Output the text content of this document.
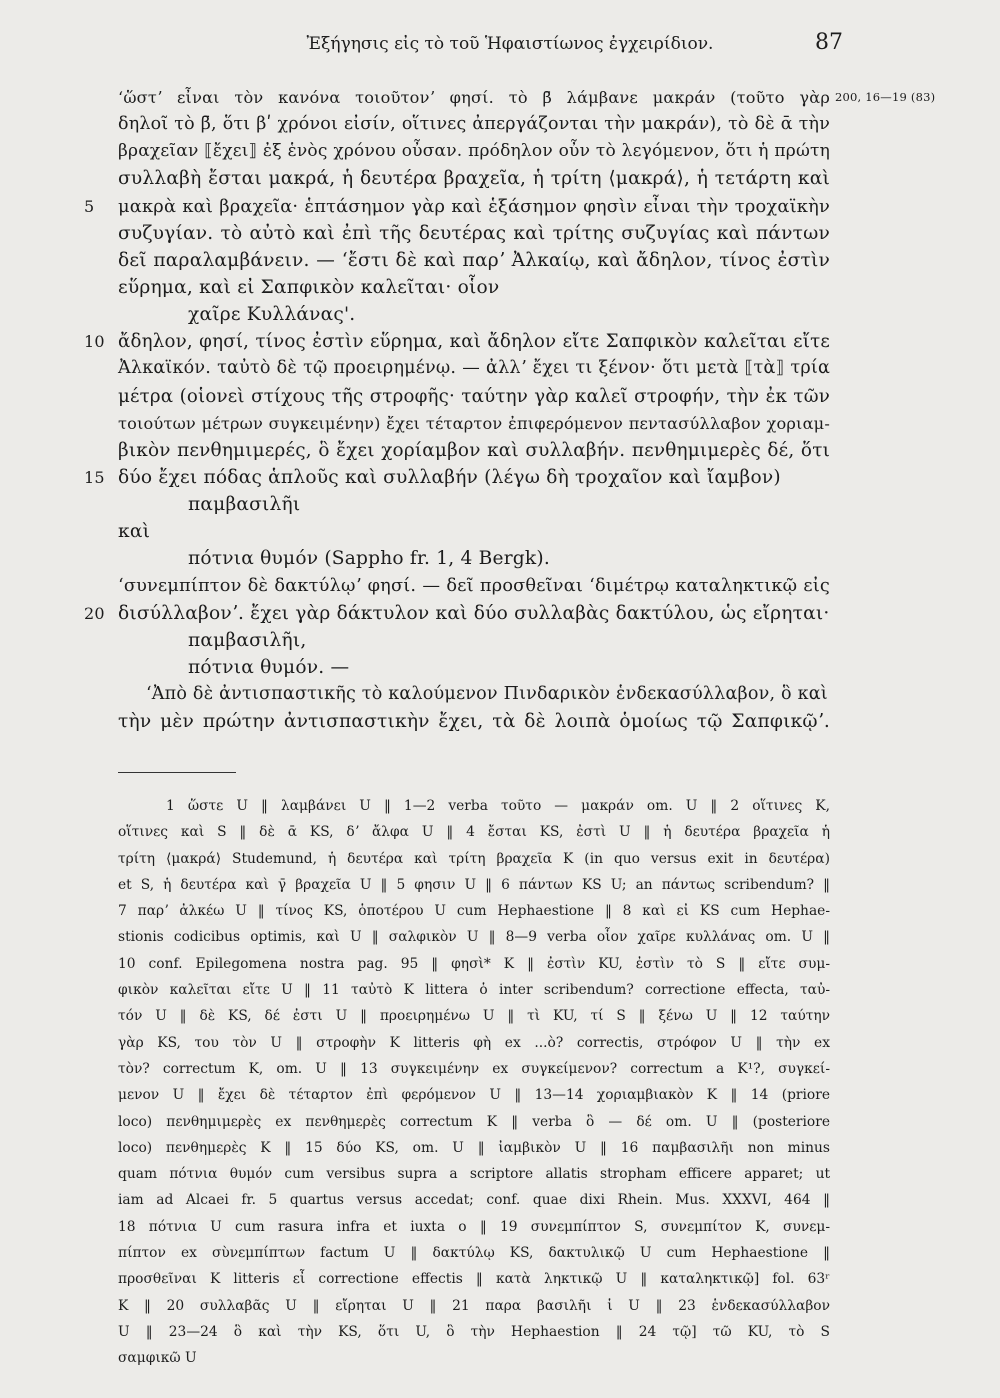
Ἐξήγησις εἰς τὸ τοῦ Ἡφαιστίωνος ἐγχειρίδιον.	87
ʻὥστʼ εἶναι τὸν κανόνα τοιοῦτονʼ φησί. τὸ β̄ λάμβανε μακράν (τοῦτο γὰρ 200, 16—19 (83)
δηλοῖ τὸ β̄, ὅτι βʹ χρόνοι εἰσίν, οἵτινες ἀπεργάζονται τὴν μακράν), τὸ δὲ ᾱ τὴν
βραχεῖαν ⟦ἔχει⟧ ἐξ ἑνὸς χρόνου οὖσαν. πρόδηλον οὖν τὸ λεγόμενον, ὅτι ἡ πρώτη
συλλαβὴ ἔσται μακρά, ἡ δευτέρα βραχεῖα, ἡ τρίτη ⟨μακρά⟩, ἡ τετάρτη καὶ
5	μακρὰ καὶ βραχεῖα· ἑπτάσημον γὰρ καὶ ἑξάσημον φησὶν εἶναι τὴν τροχαϊκὴν
συζυγίαν. τὸ αὐτὸ καὶ ἐπὶ τῆς δευτέρας καὶ τρίτης συζυγίας καὶ πάντων
δεῖ παραλαμβάνειν. — ʻἔστι δὲ καὶ παρʼ Ἀλκαίῳ, καὶ ἄδηλον, τίνος ἐστὶν
εὕρημα, καὶ εἰ Σαπφικὸν καλεῖται· οἷον
χαῖρε Κυλλάνας'.
10 ἄδηλον, φησί, τίνος ἐστὶν εὕρημα, καὶ ἄδηλον εἴτε Σαπφικὸν καλεῖται εἴτε
Ἀλκαϊκόν. ταὐτὸ δὲ τῷ προειρημένῳ. — ἀλλʼ ἔχει τι ξένον· ὅτι μετὰ ⟦τὰ⟧ τρία
μέτρα (οἱονεὶ στίχους τῆς στροφῆς· ταύτην γὰρ καλεῖ στροφήν, τὴν ἐκ τῶν
τοιούτων μέτρων συγκειμένην) ἔχει τέταρτον ἐπιφερόμενον πεντασύλλαβον χοριαμ-
βικὸν πενθημιμερές, ὃ ἔχει χορίαμβον καὶ συλλαβήν. πενθημιμερὲς δέ, ὅτι
15 δύο ἔχει πόδας ἁπλοῦς καὶ συλλαβήν (λέγω δὴ τροχαῖον καὶ ἴαμβον)
παμβασιλῆι
καὶ
πότνια θυμόν (Sappho fr. 1, 4 Bergk).
ʻσυνεμπίπτον δὲ δακτύλῳʼ φησί. — δεῖ προσθεῖναι ʻδιμέτρῳ καταληκτικῷ εἰς
20 δισύλλαβονʼ. ἔχει γὰρ δάκτυλον καὶ δύο συλλαβὰς δακτύλου, ὡς εἴρηται·
παμβασιλῆι,
πότνια θυμόν. —
ʻἈπὸ δὲ ἀντισπαστικῆς τὸ καλούμενον Πινδαρικὸν ἑνδεκασύλλαβον, ὃ καὶ
τὴν μὲν πρώτην ἀντισπαστικὴν ἔχει, τὰ δὲ λοιπὰ ὁμοίως τῷ Σαπφικῷʼ.
1 ὥστε U ‖ λαμβάνει U ‖ 1—2 verba τοῦτο — μακράν om. U ‖ 2 οἵτινες K,
οἵτινες καὶ S ‖ δὲ ᾱ KS, δʼ ἄλφα U ‖ 4 ἔσται KS, ἐστὶ U ‖ ἡ δευτέρα βραχεῖα ἡ
τρίτη ⟨μακρά⟩ Studemund, ἡ δευτέρα καὶ τρίτη βραχεῖα K (in quo versus exit in δευτέρα)
et S, ἡ δευτέρα καὶ γ̄ βραχεῖα U ‖ 5 φησιν U ‖ 6 πάντων KS U; an πάντως scribendum? ‖
7 παρʼ ἀλκέω U ‖ τίνος KS, ὁποτέρου U cum Hephaestione ‖ 8 καὶ εἰ KS cum Hephae-
stionis codicibus optimis, καὶ U ‖ σαλφικὸν U ‖ 8—9 verba οἷον χαῖρε κυλλάνας om. U ‖
10 conf. Epilegomena nostra pag. 95 ‖ φησὶ* K ‖ ἐστὶν KU, ἐστὶν τὸ S ‖ εἴτε συμ-
φικὸν καλεῖται εἴτε U ‖ 11 ταὐτὸ K littera ὁ inter scribendum? correctione effecta, ταὐ-
τόν U ‖ δὲ KS, δέ ἐστι U ‖ προειρημένω U ‖ τὶ KU, τί S ‖ ξένω U ‖ 12 ταύτην
γὰρ KS, του τὸν U ‖ στροφὴν K litteris φὴ ex ...ὸ? correctis, στρόφον U ‖ τὴν ex
τὸν? correctum K, om. U ‖ 13 συγκειμένην ex συγκείμενον? correctum a K¹?, συγκεί-
μενον U ‖ ἔχει δὲ τέταρτον ἐπὶ φερόμενον U ‖ 13—14 χοριαμβιακὸν K ‖ 14 (priore
loco) πενθημιμερὲς ex πενθημερὲς correctum K ‖ verba ὃ — δέ om. U ‖ (posteriore
loco) πενθημερὲς K ‖ 15 δύο KS, om. U ‖ ἰαμβικὸν U ‖ 16 παμβασιλῆι non minus
quam πότνια θυμόν cum versibus supra a scriptore allatis stropham efficere apparet; ut
iam ad Alcaei fr. 5 quartus versus accedat; conf. quae dixi Rhein. Mus. XXXVI, 464 ‖
18 πότνια U cum rasura infra et iuxta ο ‖ 19 συνεμπίπτον S, συνεμπίτον K, συνεμ-
πίπτον ex σὺνεμπίπτων factum U ‖ δακτύλῳ KS, δακτυλικῷ U cum Hephaestione ‖
προσθεῖναι K litteris εἶ correctione effectis ‖ κατὰ ληκτικῷ U ‖ καταληκτικῷ] fol. 63ʳ
K ‖ 20 συλλαβᾶς U ‖ εἴρηται U ‖ 21 παρα βασιλῆι ἱ U ‖ 23 ἑνδεκασύλλαβον
U ‖ 23—24 ὃ καὶ τὴν KS, ὅτι U, ὃ τὴν Hephaestion ‖ 24 τῷ] τῶ KU, τὸ S
σαμφικῶ U
